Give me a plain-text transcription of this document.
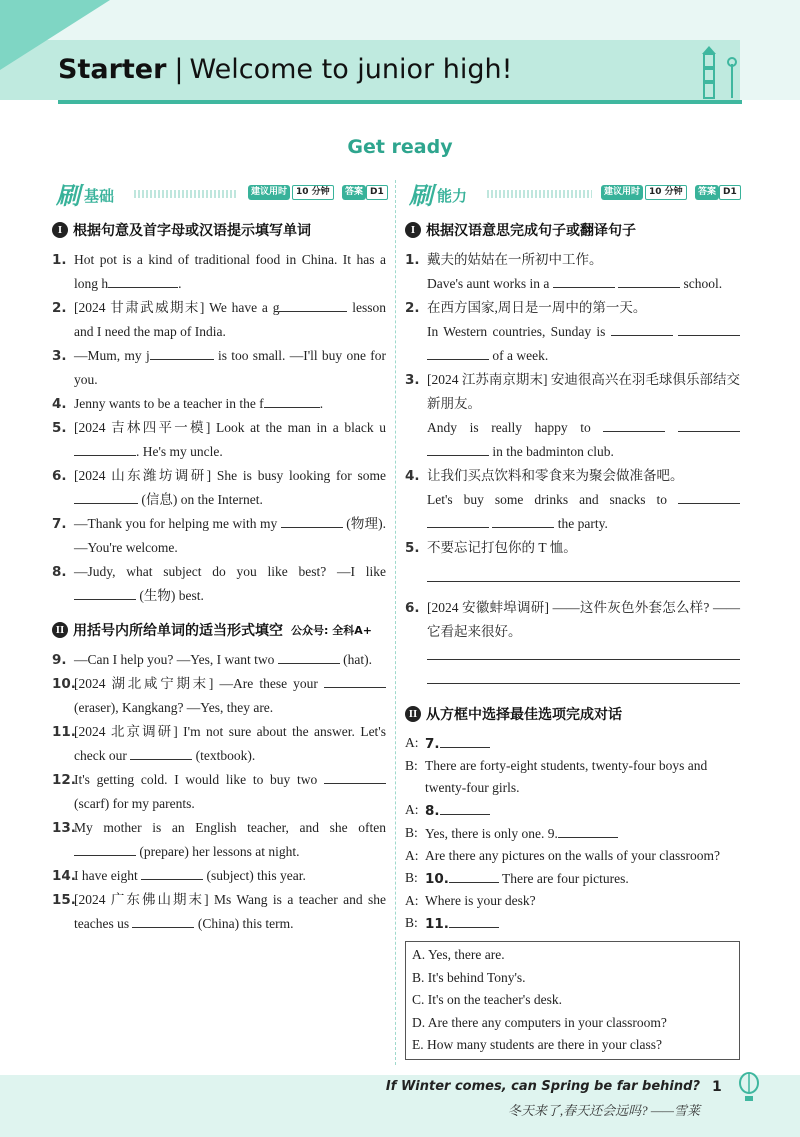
Starter | Welcome to junior high!
Get ready
刷 基础	建议用时 10 分钟	答案 D1
I 根据句意及首字母或汉语提示填写单词
1. Hot pot is a kind of traditional food in China. It has a long h	.
2. [2024 甘肃武威期末] We have a g	lesson and I need the map of India.
3. —Mum, my j	is too small. —I'll buy one for you.
4. Jenny wants to be a teacher in the f	.
5. [2024 吉林四平一模] Look at the man in a black u. He's my uncle.
6. [2024 山东潍坊调研] She is busy looking for some  (信息) on the Internet.
7. —Thank you for helping me with my	(物理). —You're welcome.
8. —Judy, what subject do you like best? —I like  (生物) best.
II 用括号内所给单词的适当形式填空 公众号: 全科A+
9. —Can I help you? —Yes, I want two	(hat).
10.
[2024 湖北咸宁期末] —Are these your  (eraser), Kangkang? —Yes, they are.
11.
[2024 北京调研] I'm not sure about the answer. Let's check our	(textbook).
12.
It's getting cold. I would like to buy two  (scarf) for my parents.
13.
My mother is an English teacher, and she often  (prepare) her lessons at night.
14.
I have eight	(subject) this year.
15.
[2024 广东佛山期末] Ms Wang is a teacher and she teaches us	(China) this term.
刷 能力	建议用时 10 分钟	答案 D1
I 根据汉语意思完成句子或翻译句子
1. 戴夫的姑姑在一所初中工作。
Dave's aunt works in a	school.
2. 在西方国家,周日是一周中的第一天。
In Western countries, Sunday is    of a week.
3. [2024 江苏南京期末] 安迪很高兴在羽毛球俱乐部结交新朋友。
Andy is really happy to    in the badminton club.
4. 让我们买点饮料和零食来为聚会做准备吧。
Let's buy some drinks and snacks to    the party.
5. 不要忘记打包你的 T 恤。

6. [2024 安徽蚌埠调研] ——这件灰色外套怎么样? ——它看起来很好。

II 从方框中选择最佳选项完成对话
A: 7.
B: There are forty-eight students, twenty-four boys and twenty-four girls.
A: 8.
B: Yes, there is only one. 9.
A: Are there any pictures on the walls of your classroom?
B: 10.	There are four pictures.
A: Where is your desk?
B: 11.
A. Yes, there are.
B. It's behind Tony's.
C. It's on the teacher's desk.
D. Are there any computers in your classroom?
E. How many students are there in your class?
If Winter comes, can Spring be far behind?
冬天来了,春天还会远吗? ——雪莱
1
